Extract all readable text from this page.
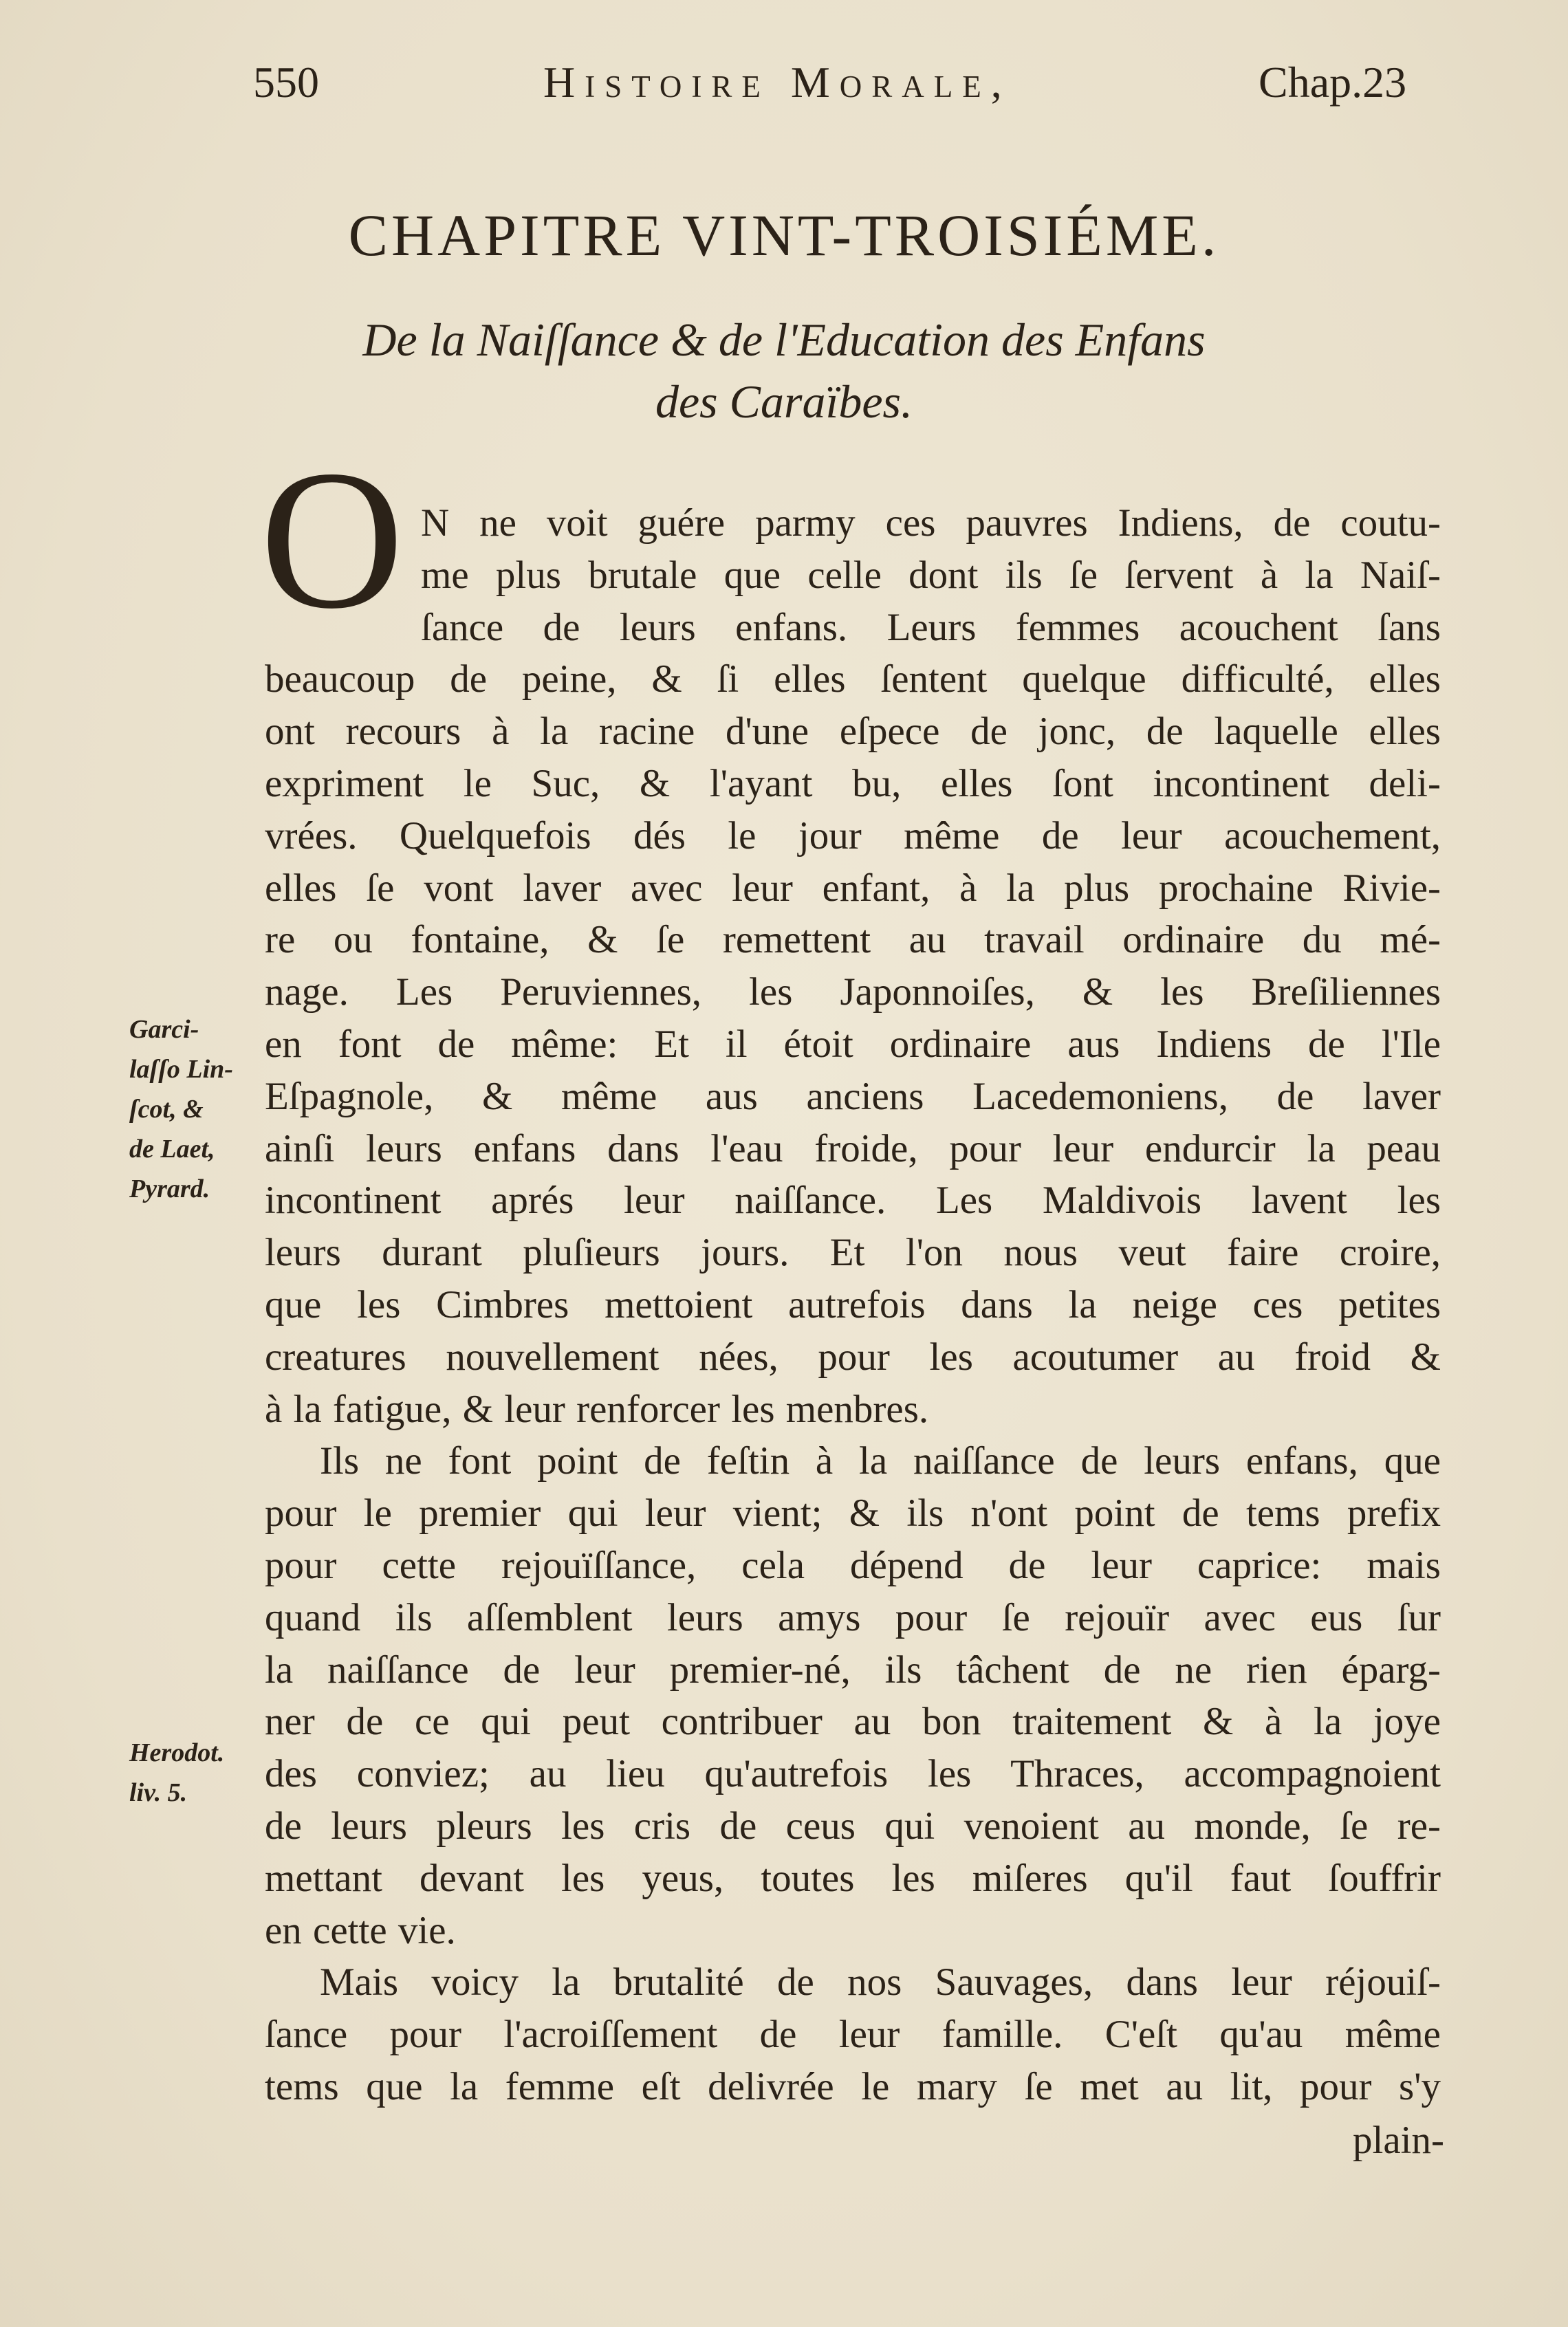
550	Histoire Morale,	Chap.23
CHAPITRE VINT-TROISIÉME.
De la Naiſſance & de l'Education des Enfans
des Caraïbes.
O N ne voit guére parmy ces pauvres Indiens, de coutu-
me plus brutale que celle dont ils ſe ſervent à la Naiſ-
ſance de leurs enfans. Leurs femmes acouchent ſans
beaucoup de peine, & ſi elles ſentent quelque difficulté, elles
ont recours à la racine d'une eſpece de jonc, de laquelle elles
expriment le Suc, & l'ayant bu, elles ſont incontinent deli-
vrées. Quelquefois dés le jour même de leur acouchement,
elles ſe vont laver avec leur enfant, à la plus prochaine Rivie-
re ou fontaine, & ſe remettent au travail ordinaire du mé-
nage. Les Peruviennes, les Japonnoiſes, & les Breſiliennes
en font de même: Et il étoit ordinaire aus Indiens de l'Ile
Eſpagnole, & même aus anciens Lacedemoniens, de laver
ainſi leurs enfans dans l'eau froide, pour leur endurcir la peau
incontinent aprés leur naiſſance. Les Maldivois lavent les
leurs durant pluſieurs jours. Et l'on nous veut faire croire,
que les Cimbres mettoient autrefois dans la neige ces petites
creatures nouvellement nées, pour les acoutumer au froid &
à la fatigue, & leur renforcer les menbres.
Ils ne font point de feſtin à la naiſſance de leurs enfans, que
pour le premier qui leur vient; & ils n'ont point de tems prefix
pour cette rejouïſſance, cela dépend de leur caprice: mais
quand ils aſſemblent leurs amys pour ſe rejouïr avec eus ſur
la naiſſance de leur premier-né, ils tâchent de ne rien éparg-
ner de ce qui peut contribuer au bon traitement & à la joye
des conviez; au lieu qu'autrefois les Thraces, accompagnoient
de leurs pleurs les cris de ceus qui venoient au monde, ſe re-
mettant devant les yeus, toutes les miſeres qu'il faut ſouffrir
en cette vie.
Mais voicy la brutalité de nos Sauvages, dans leur réjouiſ-
ſance pour l'acroiſſement de leur famille. C'eſt qu'au même
tems que la femme eſt delivrée le mary ſe met au lit, pour s'y
Garci-
laſſo Lin-
ſcot, &
de Laet,
Pyrard.
Herodot.
liv. 5.
plain-
